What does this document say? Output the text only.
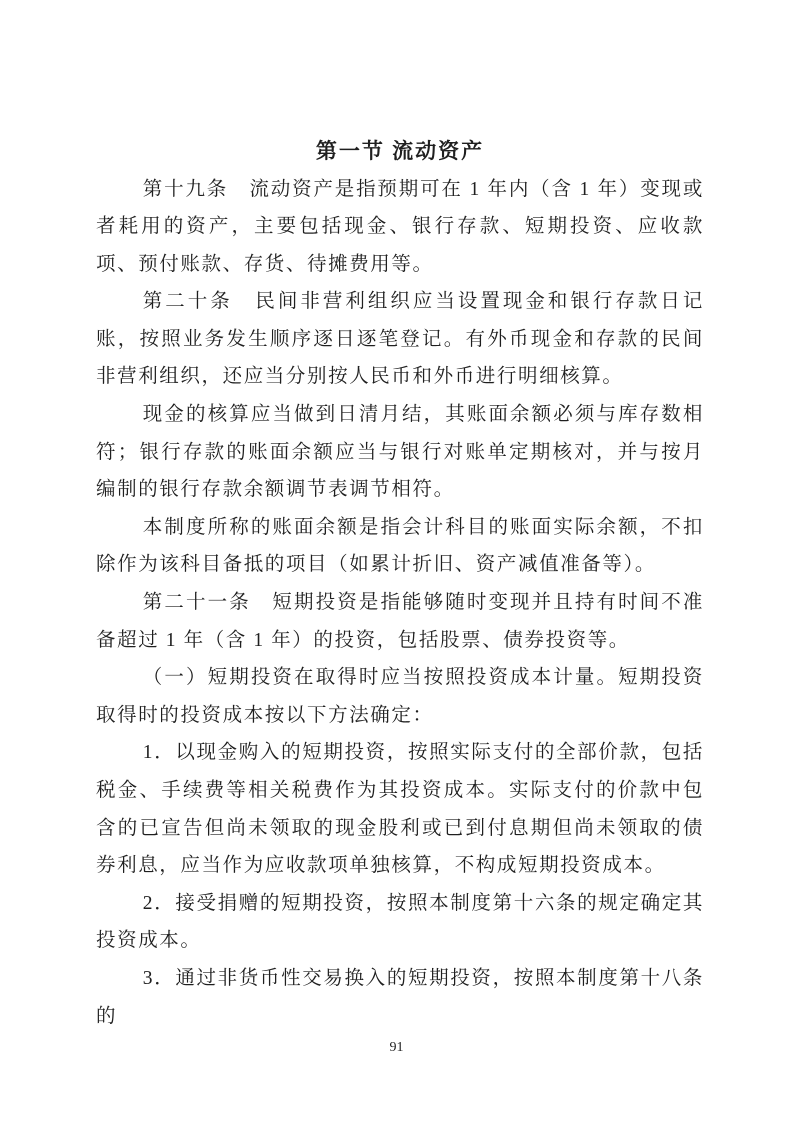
第一节 流动资产

第十九条　流动资产是指预期可在 1 年内（含 1 年）变现或者耗用的资产，主要包括现金、银行存款、短期投资、应收款项、预付账款、存货、待摊费用等。

第二十条　民间非营利组织应当设置现金和银行存款日记账，按照业务发生顺序逐日逐笔登记。有外币现金和存款的民间非营利组织，还应当分别按人民币和外币进行明细核算。

现金的核算应当做到日清月结，其账面余额必须与库存数相符；银行存款的账面余额应当与银行对账单定期核对，并与按月编制的银行存款余额调节表调节相符。

本制度所称的账面余额是指会计科目的账面实际余额，不扣除作为该科目备抵的项目（如累计折旧、资产减值准备等）。

第二十一条　短期投资是指能够随时变现并且持有时间不准备超过 1 年（含 1 年）的投资，包括股票、债券投资等。

（一）短期投资在取得时应当按照投资成本计量。短期投资取得时的投资成本按以下方法确定：

1．以现金购入的短期投资，按照实际支付的全部价款，包括税金、手续费等相关税费作为其投资成本。实际支付的价款中包含的已宣告但尚未领取的现金股利或已到付息期但尚未领取的债券利息，应当作为应收款项单独核算，不构成短期投资成本。

2．接受捐赠的短期投资，按照本制度第十六条的规定确定其投资成本。

3．通过非货币性交易换入的短期投资，按照本制度第十八条的

91
